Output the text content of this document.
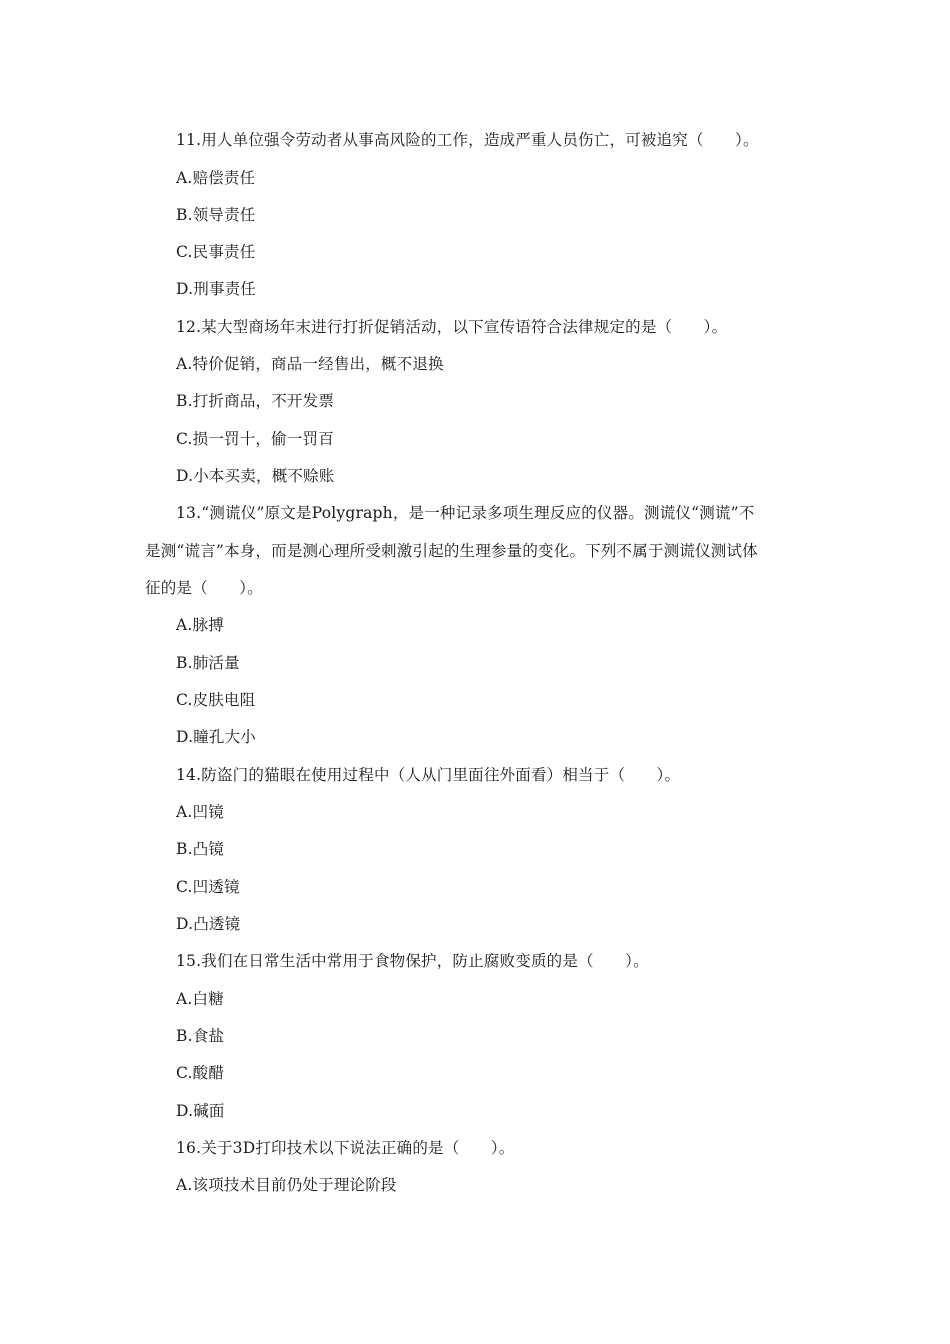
11.用人单位强令劳动者从事高风险的工作，造成严重人员伤亡，可被追究（　　）。
A.赔偿责任
B.领导责任
C.民事责任
D.刑事责任
12.某大型商场年末进行打折促销活动，以下宣传语符合法律规定的是（　　）。
A.特价促销，商品一经售出，概不退换
B.打折商品，不开发票
C.损一罚十，偷一罚百
D.小本买卖，概不赊账
13.“测谎仪”原文是Polygraph，是一种记录多项生理反应的仪器。测谎仪“测谎”不
是测“谎言”本身，而是测心理所受刺激引起的生理参量的变化。下列不属于测谎仪测试体
征的是（　　）。
A.脉搏
B.肺活量
C.皮肤电阻
D.瞳孔大小
14.防盗门的猫眼在使用过程中（人从门里面往外面看）相当于（　　）。
A.凹镜
B.凸镜
C.凹透镜
D.凸透镜
15.我们在日常生活中常用于食物保护，防止腐败变质的是（　　）。
A.白糖
B.食盐
C.酸醋
D.碱面
16.关于3D打印技术以下说法正确的是（　　）。
A.该项技术目前仍处于理论阶段
